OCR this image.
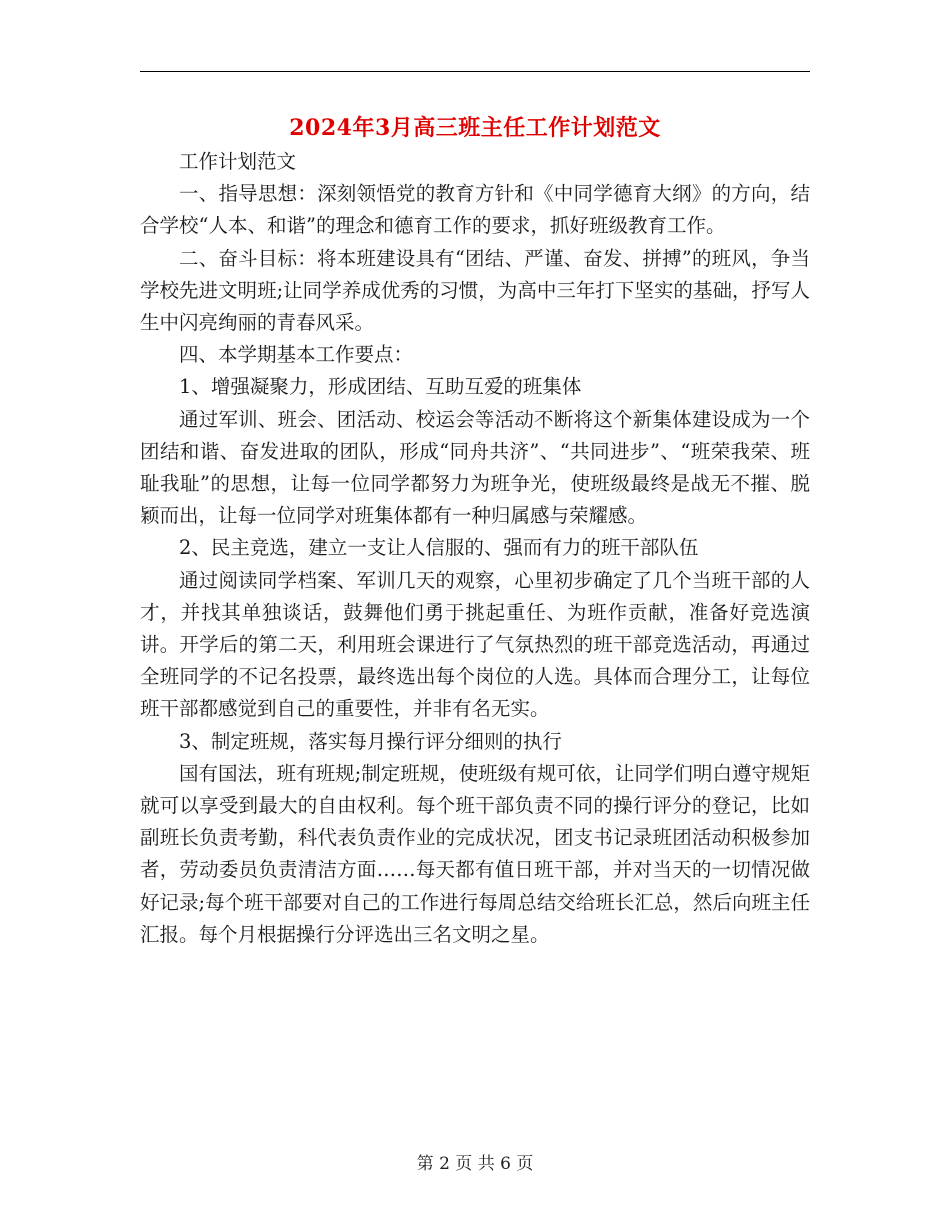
2024年3月高三班主任工作计划范文

工作计划范文

一、指导思想：深刻领悟党的教育方针和《中同学德育大纲》的方向，结合学校“人本、和谐”的理念和德育工作的要求，抓好班级教育工作。

二、奋斗目标：将本班建设具有“团结、严谨、奋发、拼搏”的班风，争当学校先进文明班;让同学养成优秀的习惯，为高中三年打下坚实的基础，抒写人生中闪亮绚丽的青春风采。

四、本学期基本工作要点：

1、增强凝聚力，形成团结、互助互爱的班集体

通过军训、班会、团活动、校运会等活动不断将这个新集体建设成为一个团结和谐、奋发进取的团队，形成“同舟共济”、“共同进步”、“班荣我荣、班耻我耻”的思想，让每一位同学都努力为班争光，使班级最终是战无不摧、脱颖而出，让每一位同学对班集体都有一种归属感与荣耀感。

2、民主竞选，建立一支让人信服的、强而有力的班干部队伍

通过阅读同学档案、军训几天的观察，心里初步确定了几个当班干部的人才，并找其单独谈话，鼓舞他们勇于挑起重任、为班作贡献，准备好竞选演讲。开学后的第二天，利用班会课进行了气氛热烈的班干部竞选活动，再通过全班同学的不记名投票，最终选出每个岗位的人选。具体而合理分工，让每位班干部都感觉到自己的重要性，并非有名无实。

3、制定班规，落实每月操行评分细则的执行

国有国法，班有班规;制定班规，使班级有规可依，让同学们明白遵守规矩就可以享受到最大的自由权利。每个班干部负责不同的操行评分的登记，比如副班长负责考勤，科代表负责作业的完成状况，团支书记录班团活动积极参加者，劳动委员负责清洁方面……每天都有值日班干部，并对当天的一切情况做好记录;每个班干部要对自己的工作进行每周总结交给班长汇总，然后向班主任汇报。每个月根据操行分评选出三名文明之星。

第 2 页 共 6 页
